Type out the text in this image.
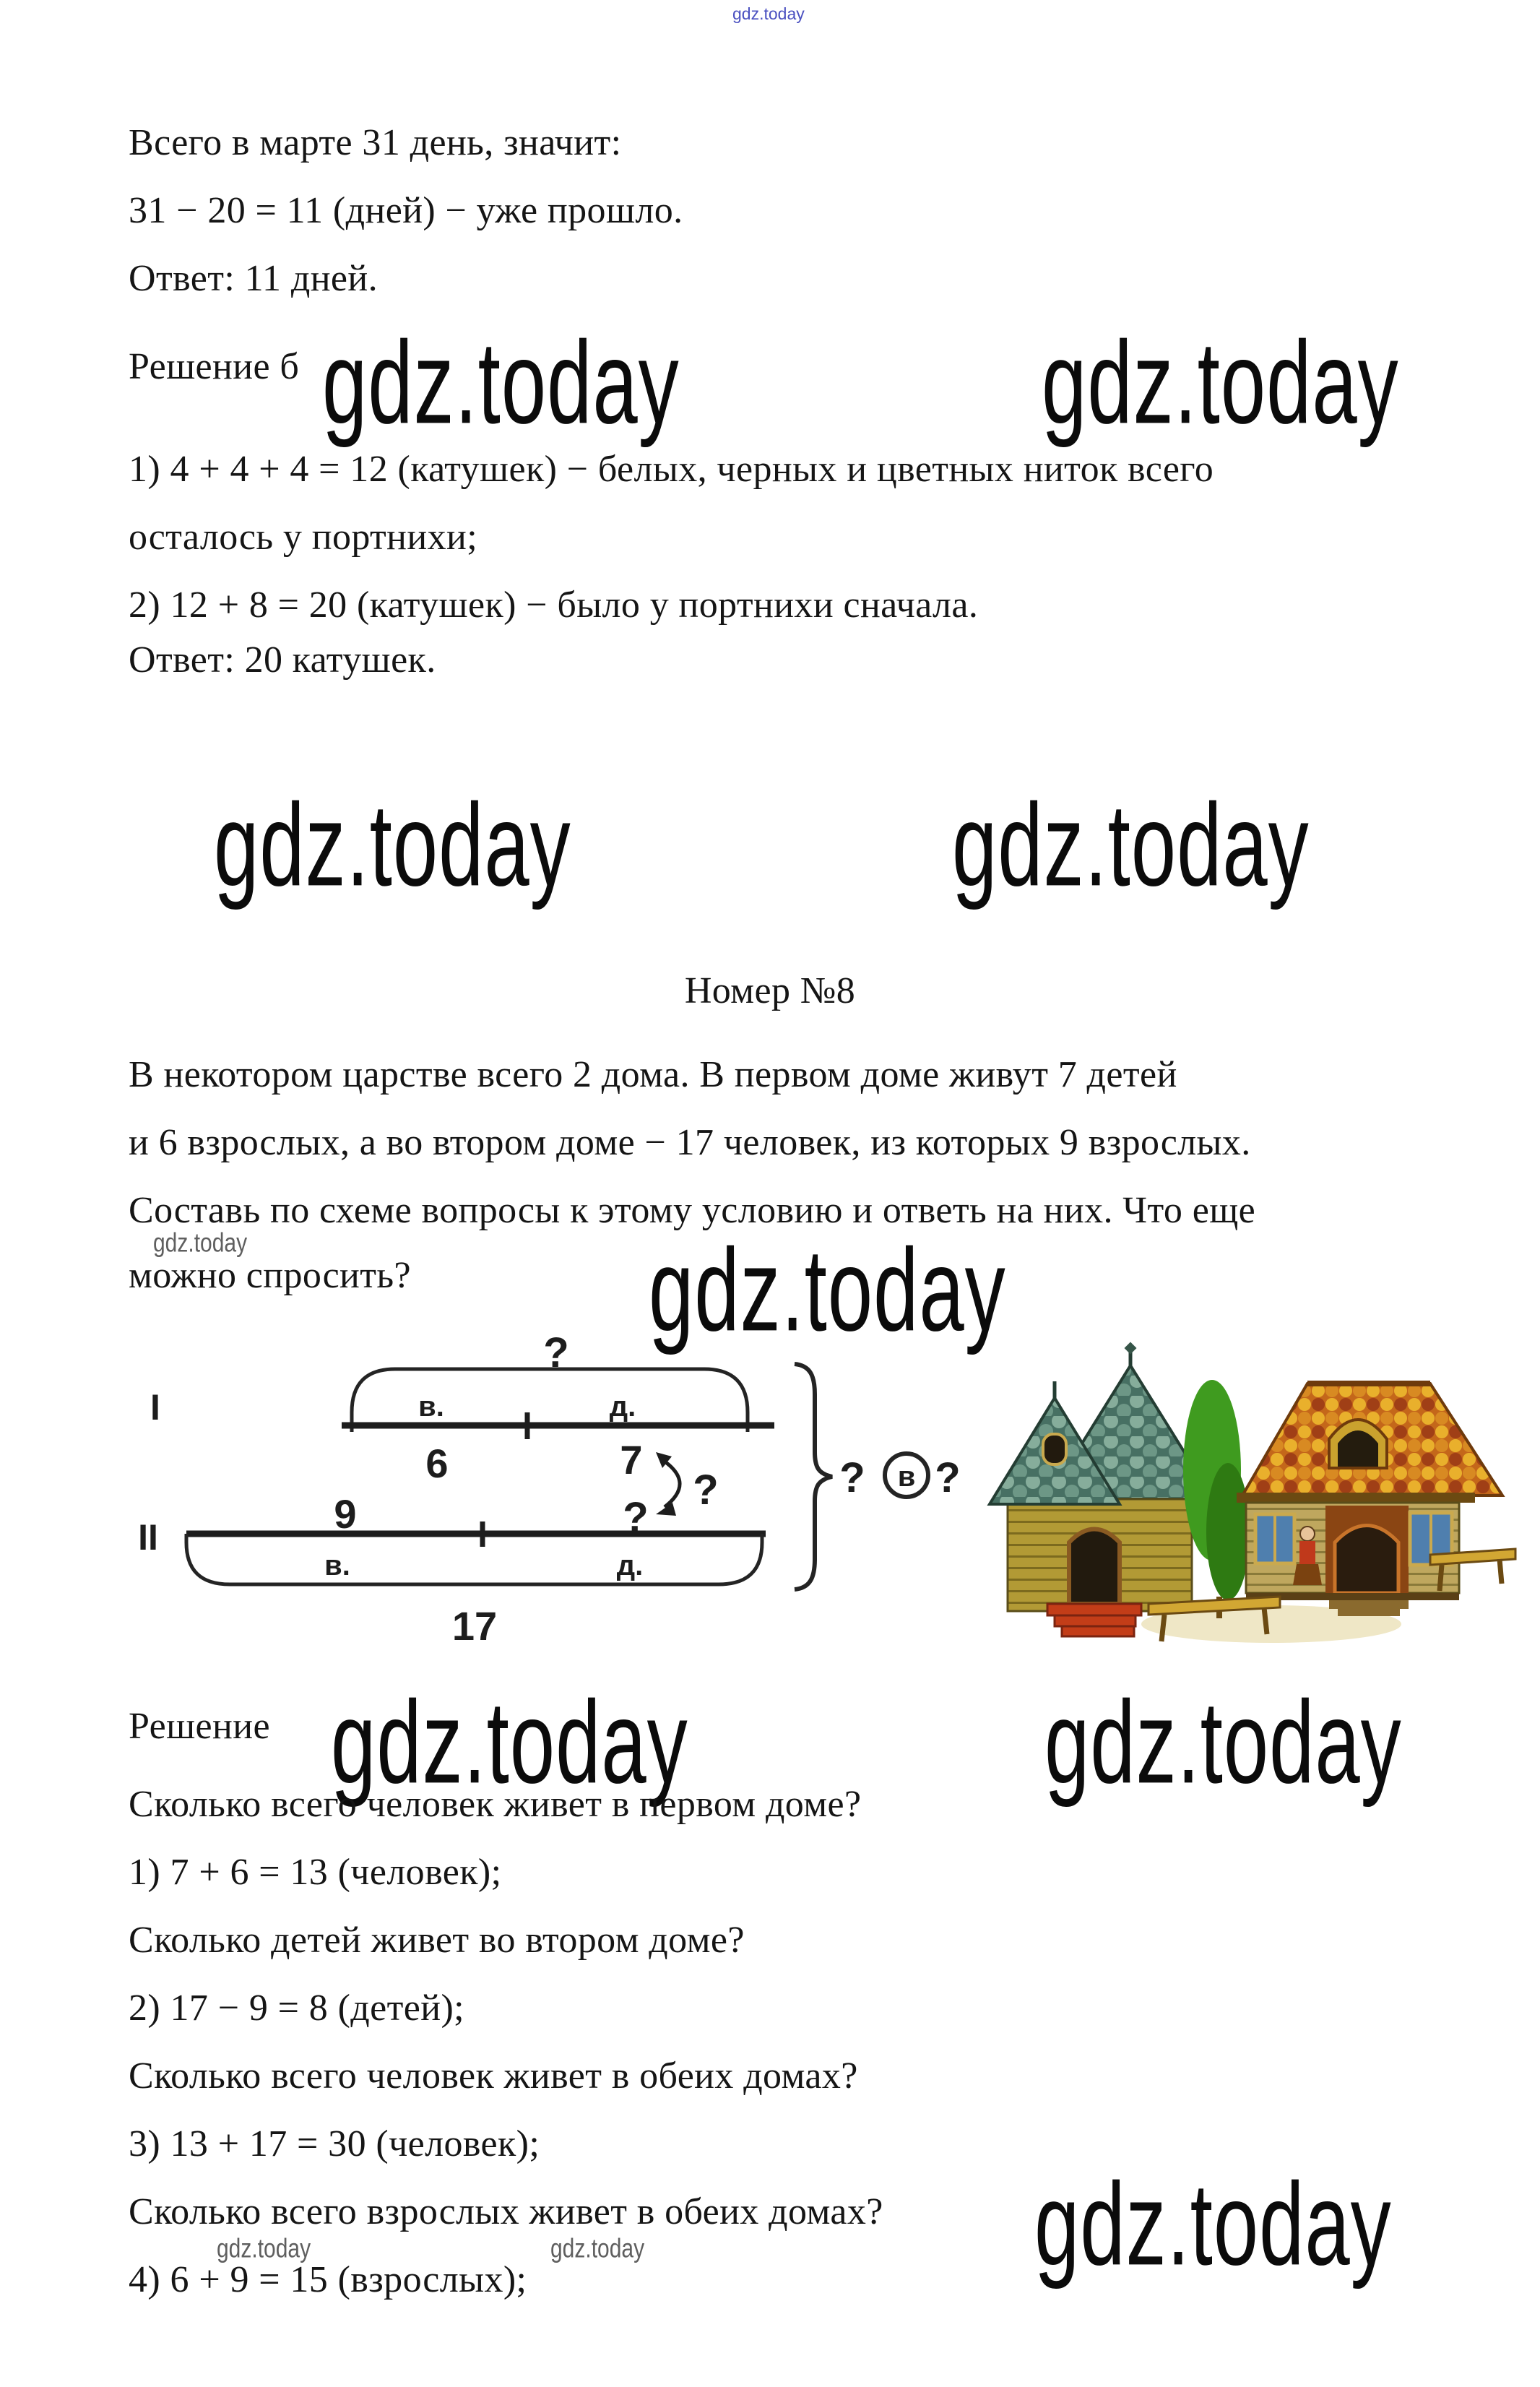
gdz.today
Всего в марте 31 день, значит:
31 − 20 = 11 (дней) − уже прошло.
Ответ: 11 дней.
Решение б gdz.today	gdz.today
1) 4 + 4 + 4 = 12 (катушек) − белых, черных и цветных ниток всего
осталось у портнихи;
2) 12 + 8 = 20 (катушек) − было у портнихи сначала.
Ответ: 20 катушек.
gdz.today	gdz.today
Номер №8
В некотором царстве всего 2 дома. В первом доме живут 7 детей
и 6 взрослых, а во втором доме − 17 человек, из которых 9 взрослых.
Составь по схеме вопросы к этому условию и ответь на них. Что еще
gdz.today
можно спросить?	gdz.today
I
II
?
в.	д.
6	7
?
?
9
в.	д.
17
? в ?
Решение gdz.today	gdz.today
Сколько всего человек живет в первом доме?
1) 7 + 6 = 13 (человек);
Сколько детей живет во втором доме?
2) 17 − 9 = 8 (детей);
Сколько всего человек живет в обеих домах?
3) 13 + 17 = 30 (человек);
Сколько всего взрослых живет в обеих домах? gdz.today
gdz.today	gdz.today
4) 6 + 9 = 15 (взрослых);
